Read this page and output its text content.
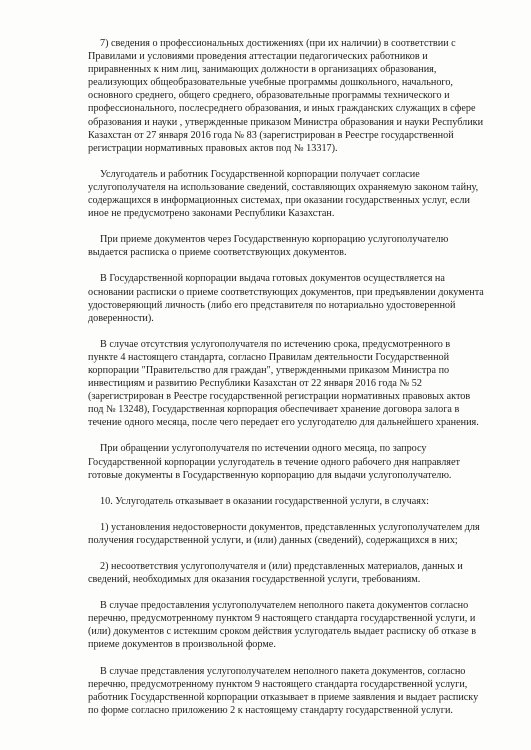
7) сведения о профессиональных достижениях (при их наличии) в соответствии с
Правилами и условиями проведения аттестации педагогических работников и
приравненных к ним лиц, занимающих должности в организациях образования,
реализующих общеобразовательные учебные программы дошкольного, начального,
основного среднего, общего среднего, образовательные программы технического и
профессионального, послесреднего образования, и иных гражданских служащих в сфере
образования и науки , утвержденные приказом Министра образования и науки Республики
Казахстан от 27 января 2016 года № 83 (зарегистрирован в Реестре государственной
регистрации нормативных правовых актов под № 13317).
Услугодатель и работник Государственной корпорации получает согласие
услугополучателя на использование сведений, составляющих охраняемую законом тайну,
содержащихся в информационных системах, при оказании государственных услуг, если
иное не предусмотрено законами Республики Казахстан.
При приеме документов через Государственную корпорацию услугополучателю
выдается расписка о приеме соответствующих документов.
В Государственной корпорации выдача готовых документов осуществляется на
основании расписки о приеме соответствующих документов, при предъявлении документа
удостоверяющий личность (либо его представителя по нотариально удостоверенной
доверенности).
В случае отсутствия услугополучателя по истечению срока, предусмотренного в
пункте 4 настоящего стандарта, согласно Правилам деятельности Государственной
корпорации "Правительство для граждан", утвержденными приказом Министра по
инвестициям и развитию Республики Казахстан от 22 января 2016 года № 52
(зарегистрирован в Реестре государственной регистрации нормативных правовых актов
под № 13248), Государственная корпорация обеспечивает хранение договора залога в
течение одного месяца, после чего передает его услугодателю для дальнейшего хранения.
При обращении услугополучателя по истечении одного месяца, по запросу
Государственной корпорации услугодатель в течение одного рабочего дня направляет
готовые документы в Государственную корпорацию для выдачи услугополучателю.
10. Услугодатель отказывает в оказании государственной услуги, в случаях:
1) установления недостоверности документов, представленных услугополучателем для
получения государственной услуги, и (или) данных (сведений), содержащихся в них;
2) несоответствия услугополучателя и (или) представленных материалов, данных и
сведений, необходимых для оказания государственной услуги, требованиям.
В случае предоставления услугополучателем неполного пакета документов согласно
перечню, предусмотренному пунктом 9 настоящего стандарта государственной услуги, и
(или) документов с истекшим сроком действия услугодатель выдает расписку об отказе в
приеме документов в произвольной форме.
В случае представления услугополучателем неполного пакета документов, согласно
перечню, предусмотренному пунктом 9 настоящего стандарта государственной услуги,
работник Государственной корпорации отказывает в приеме заявления и выдает расписку
по форме согласно приложению 2 к настоящему стандарту государственной услуги.
